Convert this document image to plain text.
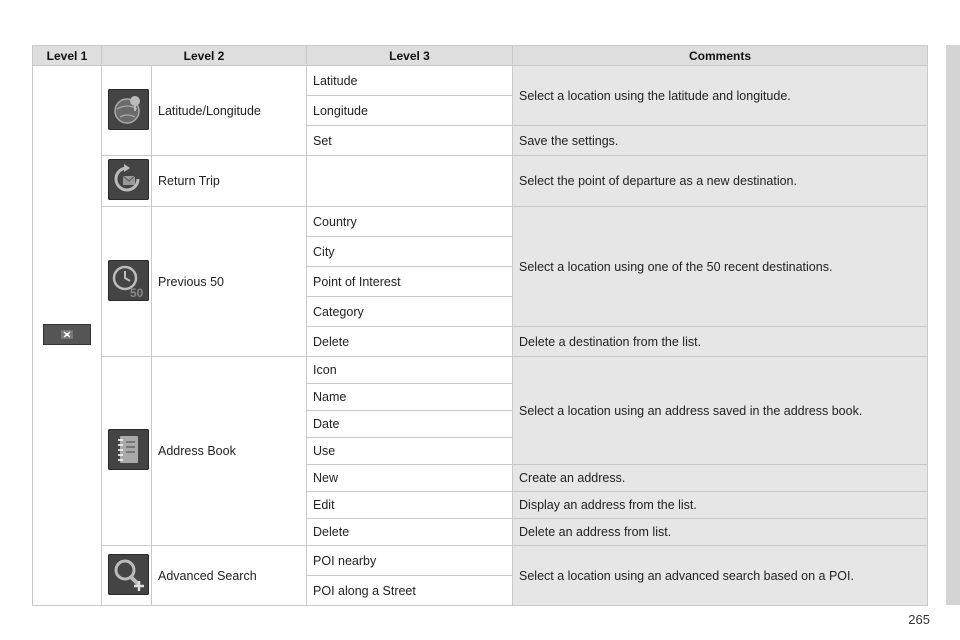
Level 1	Level 2		Level 3	Comments

	Latitude/Longitude	Latitude	Select a location using the latitude and longitude.
			Longitude	
			Set	Save the settings.

	Return Trip		Select the point of departure as a new destination.

50	Previous 50	Country	Select a location using one of the 50 recent destinations.
			City	
			Point of Interest	
			Category	
			Delete	Delete a destination from the list.

	Address Book	Icon	Select a location using an address saved in the address book.
			Name	
			Date	
			Use	
			New	Create an address.
			Edit	Display an address from the list.
			Delete	Delete an address from list.

	Advanced Search	POI nearby	Select a location using an advanced search based on a POI.
			POI along a Street	
265
